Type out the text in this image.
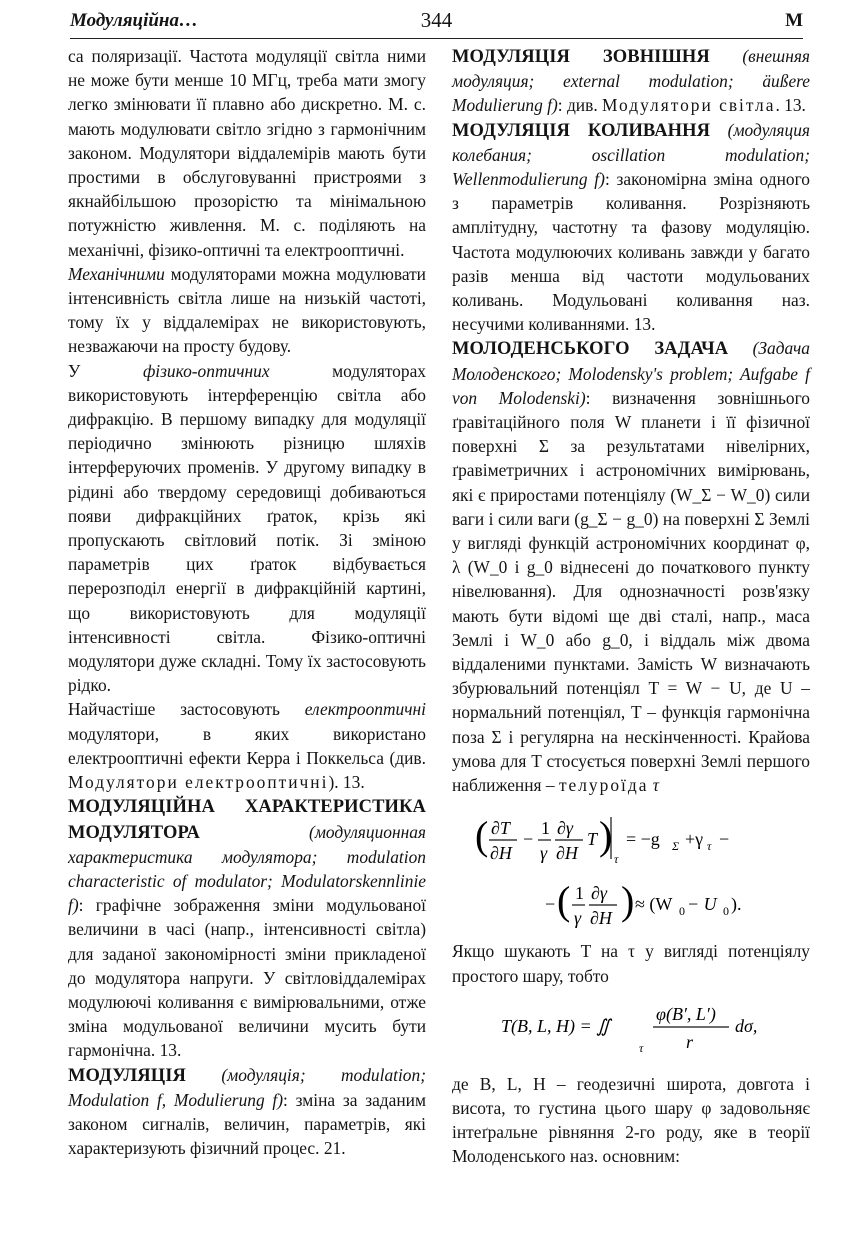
Модуляційна…	344	М

са поляризації. Частота модуляції світла ними не може бути менше 10 МГц, треба мати змогу легко змінювати її плавно або дискретно. М. с. мають модулювати світло згідно з гармонічним законом. Модулятори віддалемірів мають бути простими в обслуговуванні пристроями з якнайбільшою прозорістю та мінімальною потужністю живлення. М. с. поділяють на механічні, фізико-оптичні та електрооптичні.

Механічними модуляторами можна модулювати інтенсивність світла лише на низькій частоті, тому їх у віддалемірах не використовують, незважаючи на просту будову.

У фізико-оптичних модуляторах використовують інтерференцію світла або дифракцію. В першому випадку для модуляції періодично змінюють різницю шляхів інтерферуючих променів. У другому випадку в рідині або твердому середовищі добиваються появи дифракційних ґраток, крізь які пропускають світловий потік. Зі зміною параметрів цих ґраток відбувається перерозподіл енергії в дифракційній картині, що використовують для модуляції інтенсивності світла. Фізико-оптичні модулятори дуже складні. Тому їх застосовують рідко.

Найчастіше застосовують електрооптичні модулятори, в яких використано електрооптичні ефекти Керра і Поккельса (див. Модулятори електрооптичні). 13.

МОДУЛЯЦІЙНА ХАРАКТЕРИСТИКА МОДУЛЯТОРА	(модуляционная характеристика модулятора; modulation characteristic of modulator; Modulatorskennlinie f): графічне зображення зміни модульованої величини в часі (напр., інтенсивності світла) для заданої закономірності зміни прикладеної до модулятора напруги. У світловіддалемірах модулюючі коливання є вимірювальними, отже зміна модульованої величини мусить бути гармонічна. 13.

МОДУЛЯЦІЯ (модуляція; modulation; Modulation f, Modulierung f): зміна за заданим законом сигналів, величин, параметрів, які характеризують фізичний процес. 21.

МОДУЛЯЦІЯ ЗОВНІШНЯ (внешняя модуляция; external modulation; äußere Modulierung f): див. Модулятори світла. 13.

МОДУЛЯЦІЯ КОЛИВАННЯ (модуляция колебания; oscillation modulation; Wellenmodulierung f): закономірна зміна одного з параметрів коливання. Розрізняють амплітудну, частотну та фазову модуляцію. Частота модулюючих коливань завжди у багато разів менша від частоти модульованих коливань. Модульовані коливання наз. несучими коливаннями. 13.

МОЛОДЕНСЬКОГО ЗАДАЧА (Задача Молоденского; Molodensky's problem; Aufgabe f von Molodenski): визначення зовнішнього ґравітаційного поля W планети і її фізичної поверхні Σ за результатами нівелірних, ґравіметричних і астрономічних вимірювань, які є приростами потенціялу (W_Σ − W_0) сили ваги і сили ваги (g_Σ − g_0) на поверхні Σ Землі у вигляді функцій астрономічних координат φ, λ (W_0 і g_0 віднесені до початкового пункту нівелювання). Для однозначності розв'язку мають бути відомі ще дві сталі, напр., маса Землі і W_0 або g_0, і віддаль між двома віддаленими пунктами. Замість W визначають збурювальний потенціял T = W − U, де U – нормальний потенціял, T – функція гармонічна поза Σ і регулярна на нескінченності. Крайова умова для T стосується поверхні Землі першого наближення – телуроїда τ

( ∂T
∂H
−
1
γ
∂γ
∂H
T )
τ
= −g Σ +γ τ −
− ( 1
γ
∂γ
∂H ) ≈ (W 0 − U 0 ).

Якщо шукають T на τ у вигляді потенціялу простого шару, тобто

T(B, L, H) = ∬
τ
φ(B′, L′)
r
dσ,

де B, L, H – геодезичні широта, довгота і висота, то густина цього шару φ задовольняє інтеґральне рівняння 2-го роду, яке в теорії Молоденського наз. основним:
